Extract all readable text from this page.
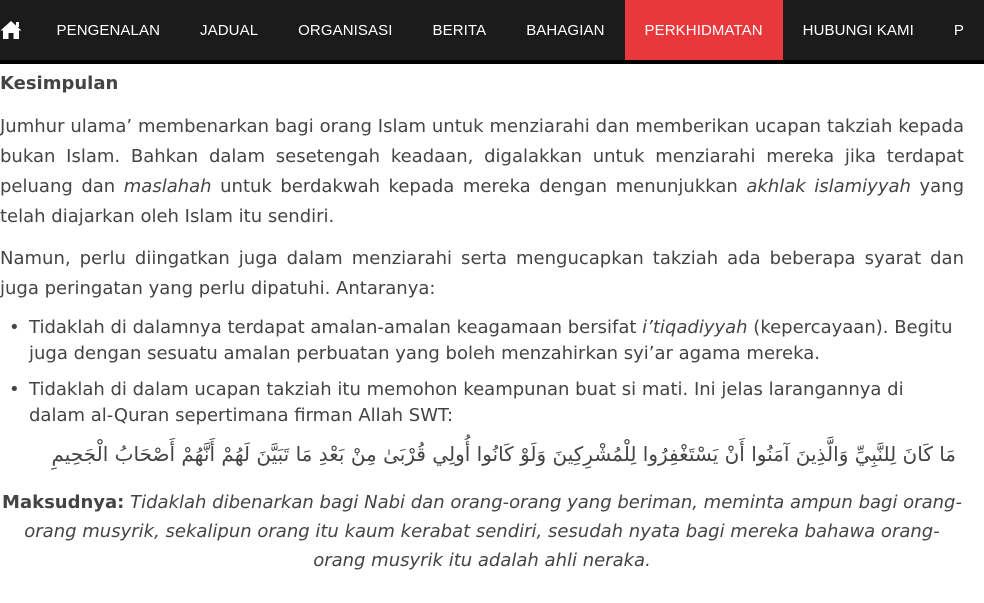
PENGENALAN	JADUAL	ORGANISASI	BERITA	BAHAGIAN	PERKHIDMATAN	HUBUNGI KAMI	P
Kesimpulan

Jumhur ulama’ membenarkan bagi orang Islam untuk menziarahi dan memberikan ucapan takziah kepada bukan Islam. Bahkan dalam sesetengah keadaan, digalakkan untuk menziarahi mereka jika terdapat peluang dan maslahah untuk berdakwah kepada mereka dengan menunjukkan akhlak islamiyyah yang telah diajarkan oleh Islam itu sendiri.

Namun, perlu diingatkan juga dalam menziarahi serta mengucapkan takziah ada beberapa syarat dan juga peringatan yang perlu dipatuhi. Antaranya:

• Tidaklah di dalamnya terdapat amalan-amalan keagamaan bersifat i’tiqadiyyah (kepercayaan). Begitu juga dengan sesuatu amalan perbuatan yang boleh menzahirkan syi’ar agama mereka.
• Tidaklah di dalam ucapan takziah itu memohon keampunan buat si mati. Ini jelas larangannya di dalam al-Quran sepertimana firman Allah SWT:
مَا كَانَ لِلنَّبِيِّ وَالَّذِينَ آمَنُوا أَنْ يَسْتَغْفِرُوا لِلْمُشْرِكِينَ وَلَوْ كَانُوا أُولِي قُرْبَىٰ مِنْ بَعْدِ مَا تَبَيَّنَ لَهُمْ أَنَّهُمْ أَصْحَابُ الْجَحِيمِ
Maksudnya: Tidaklah dibenarkan bagi Nabi dan orang-orang yang beriman, meminta ampun bagi orang-orang musyrik, sekalipun orang itu kaum kerabat sendiri, sesudah nyata bagi mereka bahawa orang-orang musyrik itu adalah ahli neraka.
